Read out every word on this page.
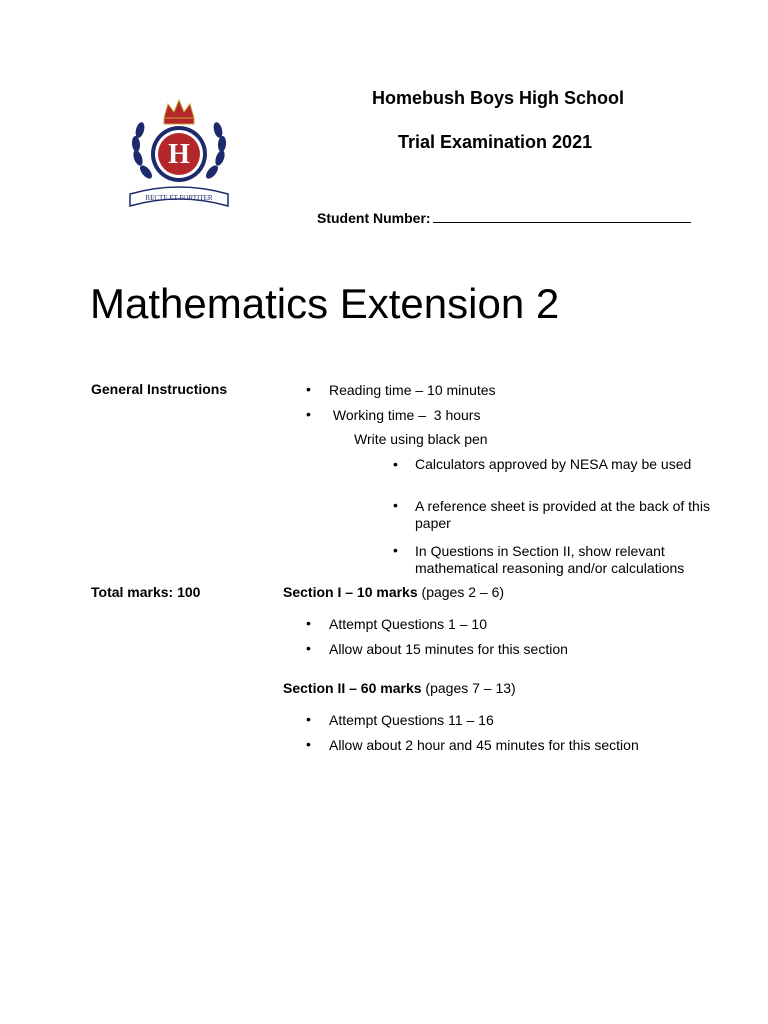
H
RECTE ET FORTITER
Homebush Boys High School
Trial Examination 2021
Student Number:
Mathematics Extension 2
General Instructions	• Reading time – 10 minutes
• Working time –  3 hours
Write using black pen
• Calculators approved by NESA may be used
• A reference sheet is provided at the back of this paper
• In Questions in Section II, show relevant mathematical reasoning and/or calculations
Total marks: 100	Section I – 10 marks (pages 2 – 6)
• Attempt Questions 1 – 10
• Allow about 15 minutes for this section
Section II – 60 marks (pages 7 – 13)
• Attempt Questions 11 – 16
• Allow about 2 hour and 45 minutes for this section
